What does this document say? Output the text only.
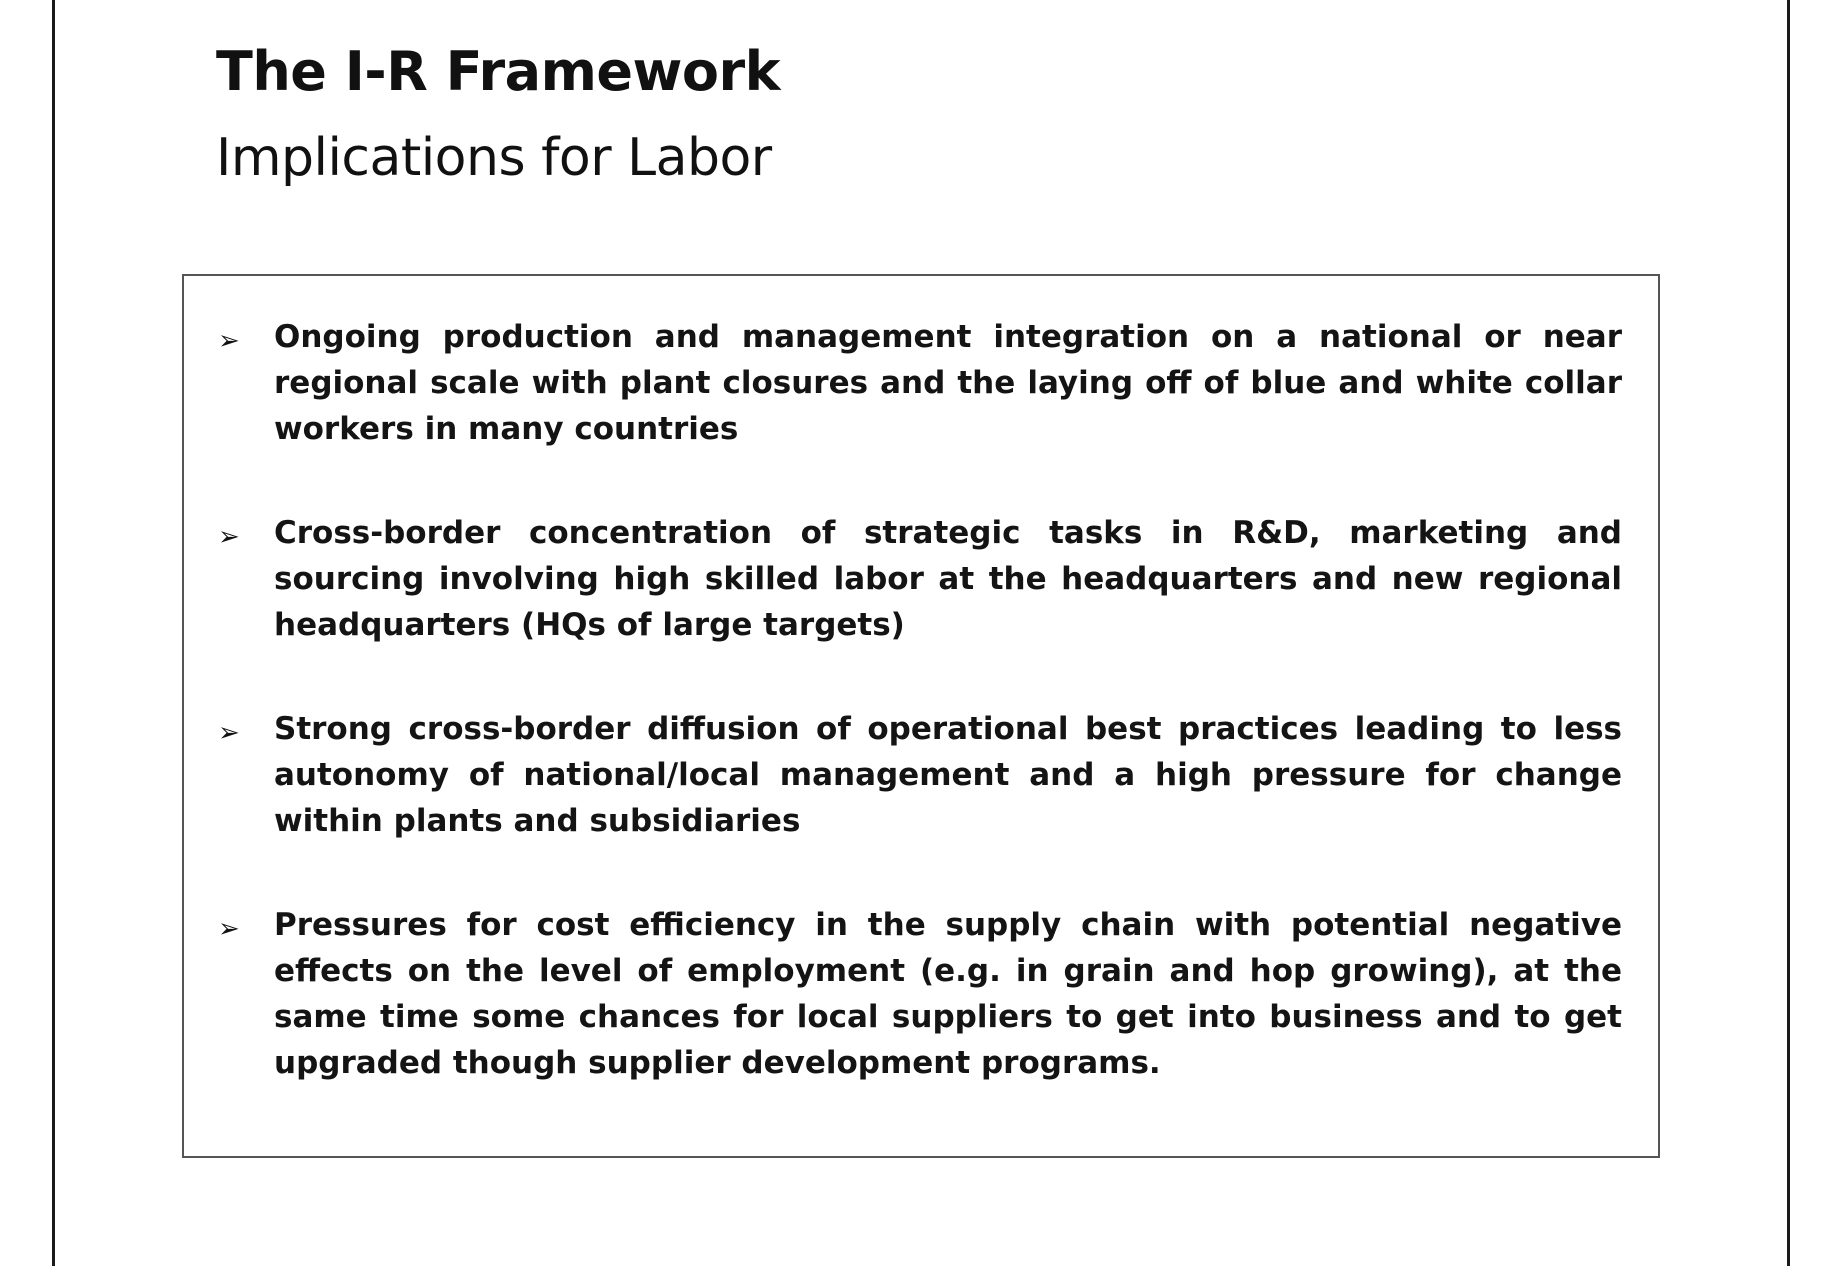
The I-R Framework
Implications for Labor
➢ Ongoing production and management integration on a national or near regional scale with plant closures and the laying off of blue and white collar workers in many countries
➢ Cross-border concentration of strategic tasks in R&D, marketing and sourcing involving high skilled labor at the headquarters and new regional headquarters (HQs of large targets)
➢ Strong cross-border diffusion of operational best practices leading to less autonomy of national/local management and a high pressure for change within plants and subsidiaries
➢ Pressures for cost efficiency in the supply chain with potential negative effects on the level of employment (e.g. in grain and hop growing), at the same time some chances for local suppliers to get into business and to get upgraded though supplier development programs.
